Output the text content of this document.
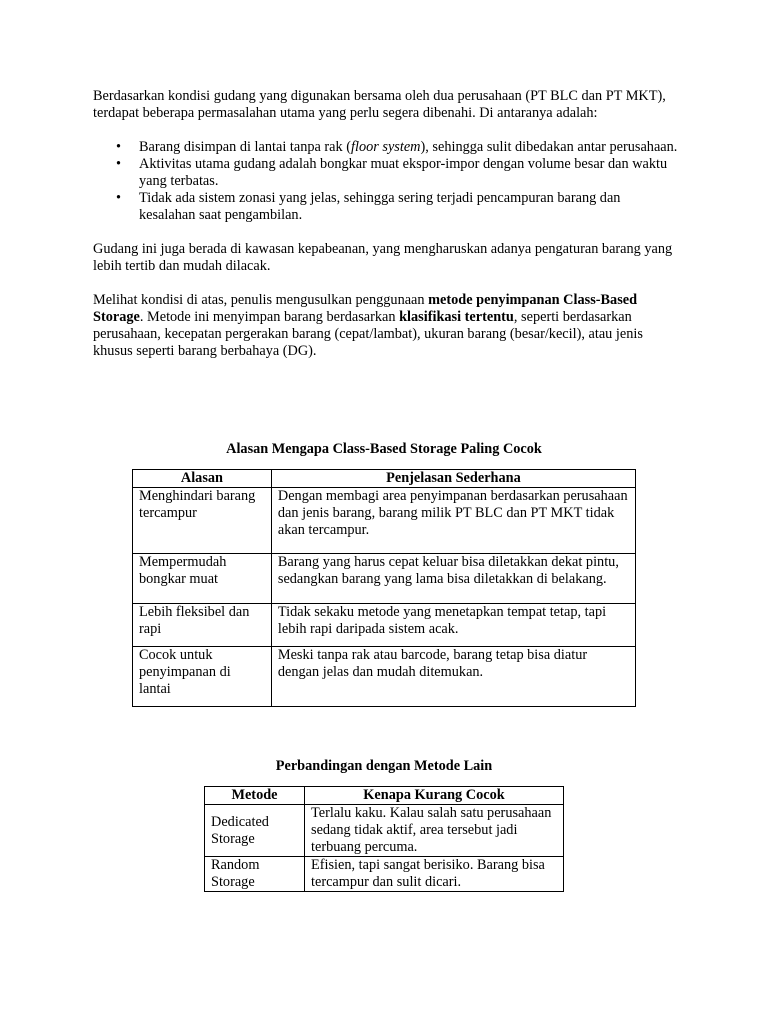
Berdasarkan kondisi gudang yang digunakan bersama oleh dua perusahaan (PT BLC dan PT MKT), terdapat beberapa permasalahan utama yang perlu segera dibenahi. Di antaranya adalah:

• Barang disimpan di lantai tanpa rak (floor system), sehingga sulit dibedakan antar perusahaan.
• Aktivitas utama gudang adalah bongkar muat ekspor-impor dengan volume besar dan waktu yang terbatas.
• Tidak ada sistem zonasi yang jelas, sehingga sering terjadi pencampuran barang dan kesalahan saat pengambilan.

Gudang ini juga berada di kawasan kepabeanan, yang mengharuskan adanya pengaturan barang yang lebih tertib dan mudah dilacak.

Melihat kondisi di atas, penulis mengusulkan penggunaan metode penyimpanan Class-Based Storage. Metode ini menyimpan barang berdasarkan klasifikasi tertentu, seperti berdasarkan perusahaan, kecepatan pergerakan barang (cepat/lambat), ukuran barang (besar/kecil), atau jenis khusus seperti barang berbahaya (DG).

Alasan Mengapa Class-Based Storage Paling Cocok
Alasan	Penjelasan Sederhana
Menghindari barang tercampur	Dengan membagi area penyimpanan berdasarkan perusahaan dan jenis barang, barang milik PT BLC dan PT MKT tidak akan tercampur.
Mempermudah bongkar muat	Barang yang harus cepat keluar bisa diletakkan dekat pintu, sedangkan barang yang lama bisa diletakkan di belakang.
Lebih fleksibel dan rapi	Tidak sekaku metode yang menetapkan tempat tetap, tapi lebih rapi daripada sistem acak.
Cocok untuk penyimpanan di lantai	Meski tanpa rak atau barcode, barang tetap bisa diatur dengan jelas dan mudah ditemukan.
Perbandingan dengan Metode Lain
Metode	Kenapa Kurang Cocok
Dedicated Storage	Terlalu kaku. Kalau salah satu perusahaan sedang tidak aktif, area tersebut jadi terbuang percuma.
Random Storage	Efisien, tapi sangat berisiko. Barang bisa tercampur dan sulit dicari.
